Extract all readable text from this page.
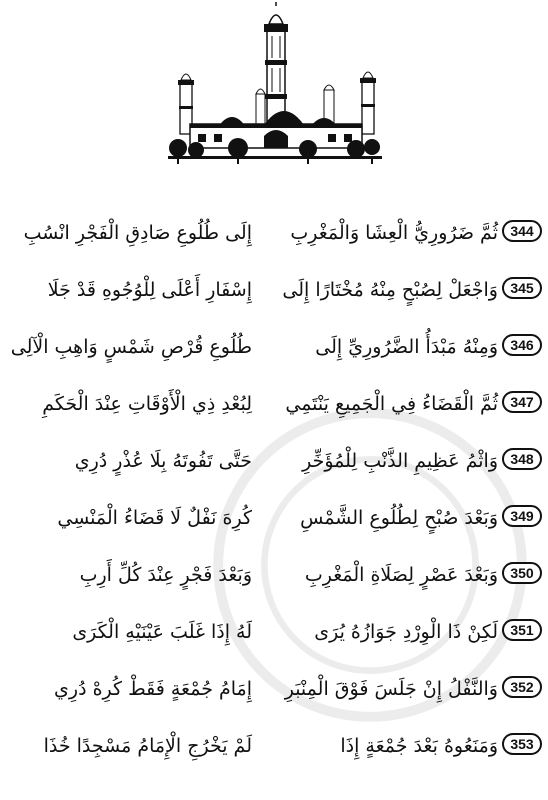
344
ثُمَّ ضَرُورِيُّ الْعِشَا وَالْمَغْرِبِ
إِلَى طُلُوعِ صَادِقِ الْفَجْرِ انْسُبِ
345
وَاجْعَلْ لِصُبْحٍ مِنْهُ مُخْتَارًا إِلَى
إِسْفَارِ أَعْلَى لِلْوُجُوهِ قَدْ جَلَا
346
وَمِنْهُ مَبْدَأُ الضَّرُورِيِّ إِلَى
طُلُوعِ قُرْصِ شَمْسٍ وَاهِبِ الْآلِى
347
ثُمَّ الْقَضَاءُ فِي الْجَمِيعِ يَنْتَمِي
لِبُعْدِ ذِي الْأَوْقَاتِ عِنْدَ الْحَكَمِ
348
وَاثْمُ عَظِيمِ الذَّنْبِ لِلْمُؤَخِّرِ
حَتَّى تَفُوتَهُ بِلَا عُذْرٍ دُرِي
349
وَبَعْدَ صُبْحٍ لِطُلُوعِ الشَّمْسِ
كُرِهَ نَفْلٌ لَا قَضَاءُ الْمَنْسِي
350
وَبَعْدَ عَصْرٍ لِصَلَاةِ الْمَغْرِبِ
وَبَعْدَ فَجْرٍ عِنْدَ كُلِّ أَرِبِ
351
لَكِنْ ذَا الْوِرْدِ جَوَازُهُ يُرَى
لَهُ إِذَا غَلَبَ عَيْنَيْهِ الْكَرَى
352
وَالنَّفْلُ إِنْ جَلَسَ فَوْقَ الْمِنْبَرِ
إِمَامُ جُمْعَةٍ فَقَطْ كُرِهْ دُرِي
353
وَمَنَعُوهُ بَعْدَ جُمْعَةٍ إِذَا
لَمْ يَخْرُجِ الْإِمَامُ مَسْجِدًا خُذَا
